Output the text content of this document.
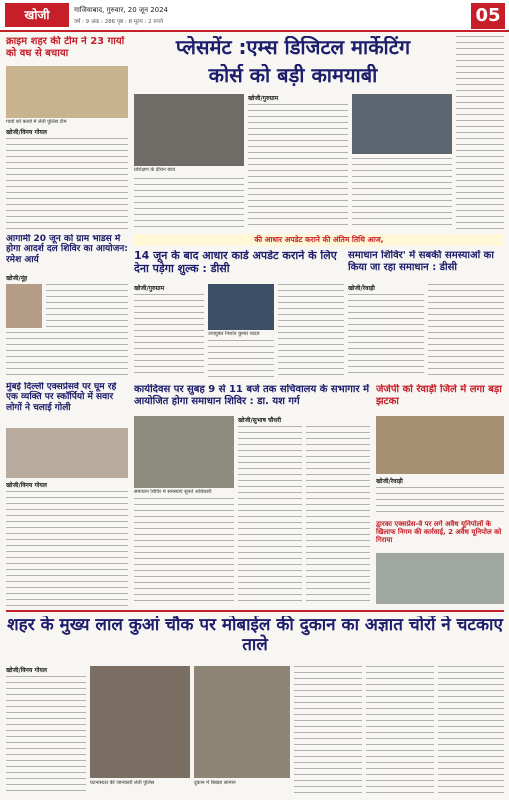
खोजी	गाजियाबाद, गुरुवार, 20 जून 2024
वर्ष : 9 अंक : 286 पृष्ठ : 8 मूल्य : 2 रुपये	05
क्राइम शहर की टीम ने 23 गायों को वध से बचाया
गायों को कब्जे में लेती पुलिस टीम
खोजी/विनय गोयल
आगामी 20 जून को ग्राम भाडस में होगा आदर्श दल शिविर का आयोजन: रमेश आर्य
खोजी/नूंह
मुंबई दिल्ली एक्सप्रेसवे पर घूम रहे एक व्यक्ति पर स्कॉर्पियो में सवार लोगों ने चलाई गोली
खोजी/विनय गोयल
प्लेसमेंट :एम्स डिजिटल मार्केटिंग
कोर्स को बड़ी कामयाबी
प्रशिक्षण के दौरान छात्र
खोजी/गुरुग्राम
की आधार अपडेट कराने की अंतिम तिथि आज,
14 जून के बाद आधार कार्ड अपडेट कराने के लिए देना पड़ेगा शुल्क : डीसी
खोजी/गुरुग्राम
उपायुक्त निशांत कुमार यादव
समाधान शिविर' में सबकी समस्याओं का किया जा रहा समाधान : डीसी
खोजी/रेवाड़ी
कार्यदिवस पर सुबह 9 से 11 बजे तक सचिवालय के सभागार में आयोजित होगा समाधान शिविर : डा. यश गर्ग
समाधान शिविर में समस्याएं सुनते अधिकारी
खोजी/सुभाष चौधरी
जेजेपी को रेवाड़ी जिले में लगा बड़ा झटका
खोजी/रेवाड़ी
द्वारका एक्सप्रेस-वे पर लगे अवैध यूनिपोलों के खिलाफ निगम की कार्रवाई, 2 अवैध यूनिपोल को गिराया
शहर के मुख्य लाल कुआं चौक पर मोबाईल की दुकान का अज्ञात चोरों ने चटकाए ताले
खोजी/विनय गोयल
घटनास्थल की जानकारी लेती पुलिस	दुकान में बिखरा सामान
